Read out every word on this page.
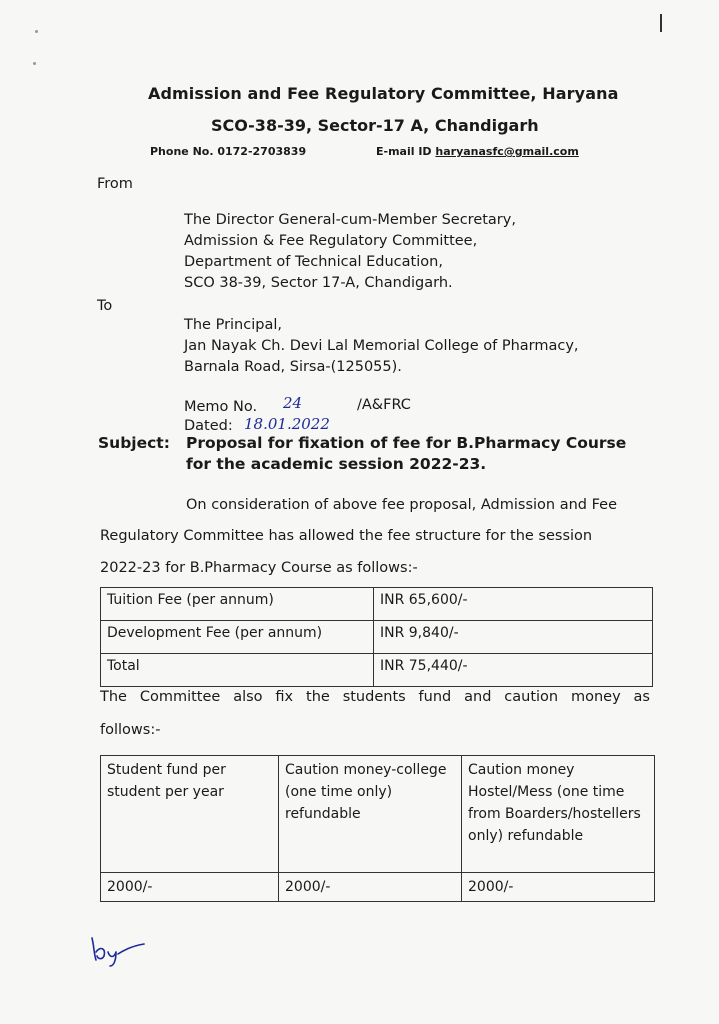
Admission and Fee Regulatory Committee, Haryana
SCO-38-39, Sector-17 A, Chandigarh
Phone No. 0172-2703839	E-mail ID haryanasfc@gmail.com
From
The Director General-cum-Member Secretary,
Admission & Fee Regulatory Committee,
Department of Technical Education,
SCO 38-39, Sector 17-A, Chandigarh.
To
The Principal,
Jan Nayak Ch. Devi Lal Memorial College of Pharmacy,
Barnala Road, Sirsa-(125055).
Memo No. 24	/A&FRC
Dated: 18.01.2022
Subject: Proposal for fixation of fee for B.Pharmacy Course for the academic session 2022-23.
On consideration of above fee proposal, Admission and Fee
Regulatory Committee has allowed the fee structure for the session
2022-23 for B.Pharmacy Course as follows:-
Tuition Fee (per annum)	INR 65,600/-
Development Fee (per annum)	INR 9,840/-
Total	INR 75,440/-
The Committee also fix the students fund and caution money as
follows:-
Student fund per student per year	Caution money-college (one time only) refundable	Caution money Hostel/Mess (one time from Boarders/hostellers only) refundable
2000/-	2000/-	2000/-
